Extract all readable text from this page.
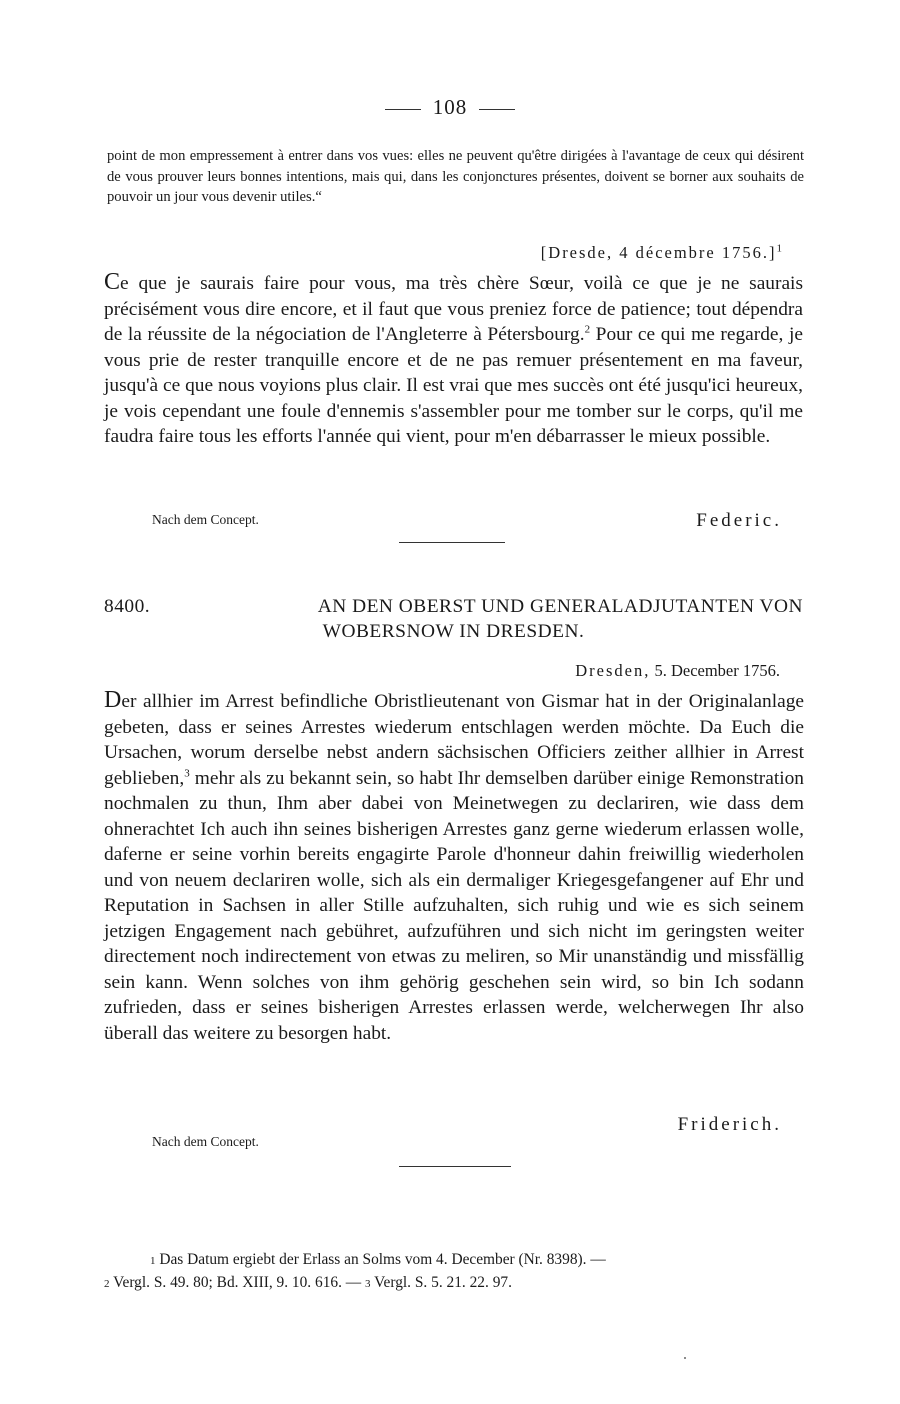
108
point de mon empressement à entrer dans vos vues: elles ne peuvent qu'être dirigées à l'avantage de ceux qui désirent de vous prouver leurs bonnes intentions, mais qui, dans les conjonctures présentes, doivent se borner aux souhaits de pouvoir un jour vous devenir utiles.“
[Dresde, 4 décembre 1756.]$^1$
Ce que je saurais faire pour vous, ma très chère Sœur, voilà ce que je ne saurais précisément vous dire encore, et il faut que vous preniez force de patience; tout dépendra de la réussite de la négociation de l'Angleterre à Pétersbourg.$^2$ Pour ce qui me regarde, je vous prie de rester tranquille encore et de ne pas remuer présentement en ma faveur, jusqu'à ce que nous voyions plus clair. Il est vrai que mes succès ont été jusqu'ici heureux, je vois cependant une foule d'ennemis s'assembler pour me tomber sur le corps, qu'il me faudra faire tous les efforts l'année qui vient, pour m'en débarrasser le mieux possible.
Nach dem Concept.	Federic.
8400.	AN DEN OBERST UND GENERALADJUTANTEN VON
WOBERSNOW IN DRESDEN.
Dresden, 5. December 1756.
Der allhier im Arrest befindliche Obristlieutenant von Gismar hat in der Originalanlage gebeten, dass er seines Arrestes wiederum entschlagen werden möchte. Da Euch die Ursachen, worum derselbe nebst andern sächsischen Officiers zeither allhier in Arrest geblieben,$^3$ mehr als zu bekannt sein, so habt Ihr demselben darüber einige Remonstration nochmalen zu thun, Ihm aber dabei von Meinetwegen zu declariren, wie dass dem ohnerachtet Ich auch ihn seines bisherigen Arrestes ganz gerne wiederum erlassen wolle, daferne er seine vorhin bereits engagirte Parole d'honneur dahin freiwillig wiederholen und von neuem declariren wolle, sich als ein dermaliger Kriegesgefangener auf Ehr und Reputation in Sachsen in aller Stille aufzuhalten, sich ruhig und wie es sich seinem jetzigen Engagement nach gebühret, aufzuführen und sich nicht im geringsten weiter directement noch indirectement von etwas zu meliren, so Mir unanständig und missfällig sein kann. Wenn solches von ihm gehörig geschehen sein wird, so bin Ich sodann zufrieden, dass er seines bisherigen Arrestes erlassen werde, welcherwegen Ihr also überall das weitere zu besorgen habt.
Friderich.
Nach dem Concept.
1 Das Datum ergiebt der Erlass an Solms vom 4. December (Nr. 8398). —
2 Vergl. S. 49. 80; Bd. XIII, 9. 10. 616. — 3 Vergl. S. 5. 21. 22. 97.
